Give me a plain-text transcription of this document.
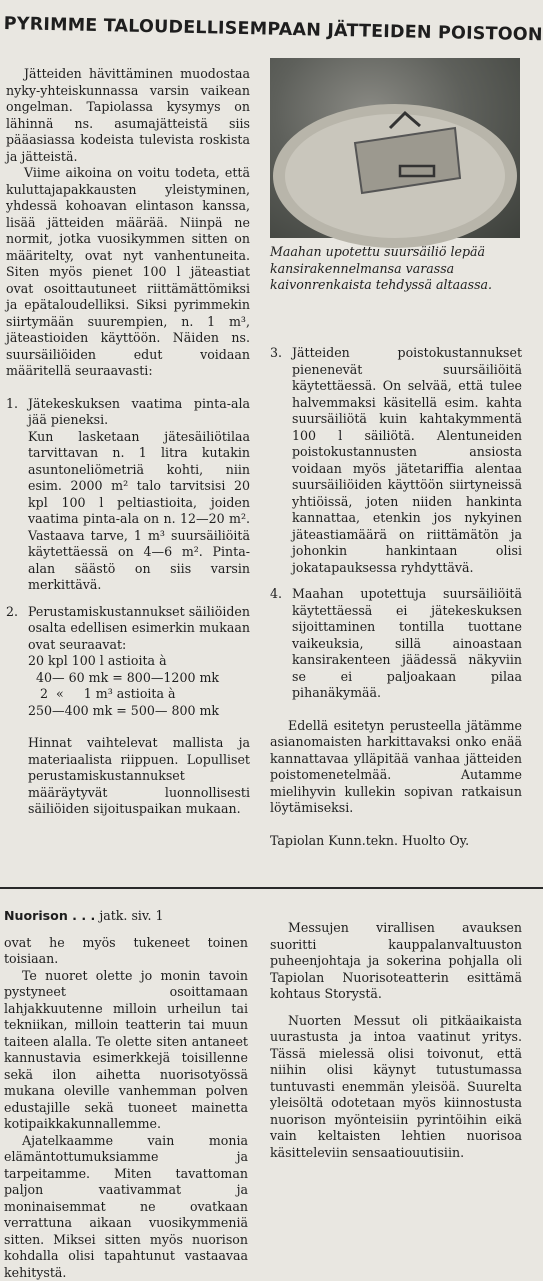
PYRIMME TALOUDELLISEMPAAN JÄTTEIDEN POISTOON
Maahan upotettu suursäiliö lepää kansirakennelmansa varassa kaivonrenkaista tehdyssä altaassa.

Jätteiden hävittäminen muodostaa nyky-yhteiskunnassa varsin vaikean ongelman. Tapiolassa kysymys on lähinnä ns. asumajätteistä siis pääasiassa kodeista tulevista roskista ja jätteistä.

Viime aikoina on voitu todeta, että kuluttajapakkausten yleistyminen, yhdessä kohoavan elintason kanssa, lisää jätteiden määrää. Niinpä ne normit, jotka vuosikymmen sitten on määritelty, ovat nyt vanhentuneita. Siten myös pienet 100 l jäteastiat ovat osoittautuneet riittämättömiksi ja epätaloudelliksi. Siksi pyrimmekin siirtymään suurempien, n. 1 m³, jäteastioiden käyttöön. Näiden ns. suursäiliöiden edut voidaan määritellä seuraavasti:

1. Jätekeskuksen vaatima pinta-ala jää pieneksi.

Kun lasketaan jätesäiliötilaa tarvittavan n. 1 litra kutakin asuntoneliömetriä kohti, niin esim. 2000 m² talo tarvitsisi 20 kpl 100 l peltiastioita, joiden vaatima pinta-ala on n. 12—20 m². Vastaava tarve, 1 m³ suursäiliöitä käytettäessä on 4—6 m². Pinta-alan säästö on siis varsin merkittävä.

2. Perustamiskustannukset säiliöiden osalta edellisen esimerkin mukaan ovat seuraavat:

20 kpl 100 l astioita à
40— 60 mk = 800—1200 mk
2  «     1 m³ astioita à
250—400 mk = 500— 800 mk

Hinnat vaihtelevat mallista ja materiaalista riippuen. Lopulliset perustamiskustannukset määräytyvät luonnollisesti säiliöiden sijoituspaikan mukaan.

3. Jätteiden poistokustannukset pienenevät suursäiliöitä käytettäessä. On selvää, että tulee halvemmaksi käsitellä esim. kahta suursäiliötä kuin kahtakymmentä 100 l säiliötä. Alentuneiden poistokustannusten ansiosta voidaan myös jätetariffia alentaa suursäiliöiden käyttöön siirtyneissä yhtiöissä, joten niiden hankinta kannattaa, etenkin jos nykyinen jäteastiamäärä on riittämätön ja johonkin hankintaan olisi jokatapauksessa ryhdyttävä.

4. Maahan upotettuja suursäiliöitä käytettäessä ei jätekeskuksen sijoittaminen tontilla tuottane vaikeuksia, sillä ainoastaan kansirakenteen jäädessä näkyviin se ei paljoakaan pilaa pihanäkymää.

Edellä esitetyn perusteella jätämme asianomaisten harkittavaksi onko enää kannattavaa ylläpitää vanhaa jätteiden poistomenetelmää. Autamme mielihyvin kullekin sopivan ratkaisun löytämiseksi.

Tapiolan Kunn.tekn. Huolto Oy.

Nuorison . . . jatk. siv. 1

ovat he myös tukeneet toinen toisiaan.

Te nuoret olette jo monin tavoin pystyneet osoittamaan lahjakkuutenne milloin urheilun tai tekniikan, milloin teatterin tai muun taiteen alalla. Te olette siten antaneet kannustavia esimerkkejä toisillenne sekä ilon aihetta nuorisotyössä mukana oleville vanhemman polven edustajille sekä tuoneet mainetta kotipaikkakunnallemme.

Ajatelkaamme vain monia elämäntottumuksiamme ja tarpeitamme. Miten tavattoman paljon vaativammat ja moninaisemmat ne ovatkaan verrattuna aikaan vuosikymmeniä sitten. Miksei sitten myös nuorison kohdalla olisi tapahtunut vastaavaa kehitystä.

Messujen virallisen avauksen suoritti kauppalanvaltuuston puheenjohtaja ja sokerina pohjalla oli Tapiolan Nuorisoteatterin esittämä kohtaus Storystä.

Nuorten Messut oli pitkäaikaista uurastusta ja intoa vaatinut yritys. Tässä mielessä olisi toivonut, että niihin olisi käynyt tutustumassa tuntuvasti enemmän yleisöä. Suurelta yleisöltä odotetaan myös kiinnostusta nuorison myönteisiin pyrintöihin eikä vain keltaisten lehtien nuorisoa käsitteleviin sensaatiouutisiin.
